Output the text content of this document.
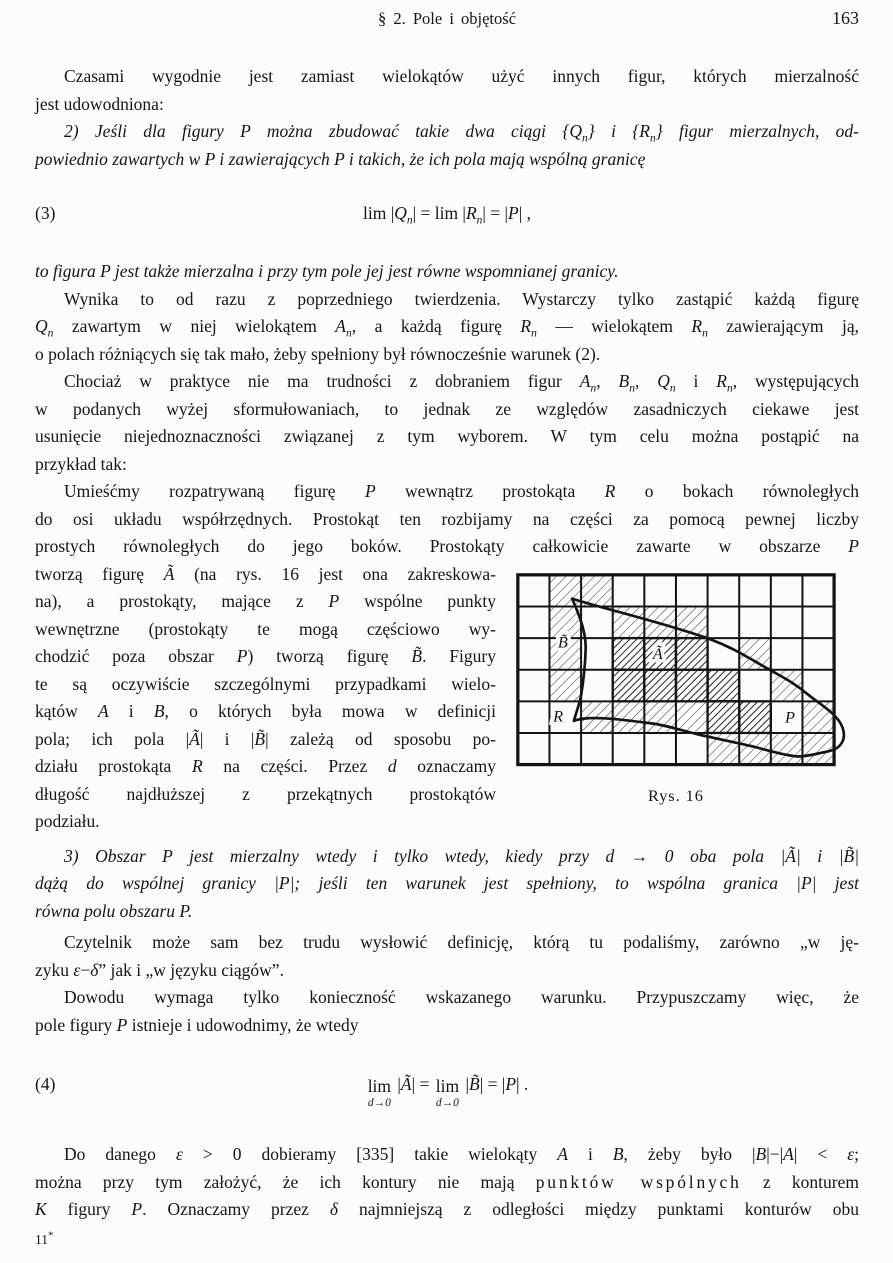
§ 2. Pole i objętość	163
Czasami wygodnie jest zamiast wielokątów użyć innych figur, których mierzalność
jest udowodniona:
2) Jeśli dla figury P można zbudować takie dwa ciągi $\{Q_n\}$ i $\{R_n\}$ figur mierzalnych, od-
powiednio zawartych w P i zawierających P i takich, że ich pola mają wspólną granicę
(3)	$\lim |Q_n| = \lim |R_n| = |P|$ ,
to figura P jest także mierzalna i przy tym pole jej jest równe wspomnianej granicy.
Wynika to od razu z poprzedniego twierdzenia. Wystarczy tylko zastąpić każdą figurę
$Q_n$ zawartym w niej wielokątem $A_n$, a każdą figurę $R_n$ — wielokątem $R_n$ zawierającym ją,
o polach różniących się tak mało, żeby spełniony był równocześnie warunek (2).
Chociaż w praktyce nie ma trudności z dobraniem figur $A_n$, $B_n$, $Q_n$ i $R_n$, występujących
w podanych wyżej sformułowaniach, to jednak ze względów zasadniczych ciekawe jest
usunięcie niejednoznaczności związanej z tym wyborem. W tym celu można postąpić na
przykład tak:
Umieśćmy rozpatrywaną figurę P wewnątrz prostokąta R o bokach równoległych
do osi układu współrzędnych. Prostokąt ten rozbijamy na części za pomocą pewnej liczby
prostych równoległych do jego boków. Prostokąty całkowicie zawarte w obszarze P
B̃
Ã
R	P
Rys. 16
tworzą figurę Ã (na rys. 16 jest ona zakreskowa-
na), a prostokąty, mające z P wspólne punkty
wewnętrzne (prostokąty te mogą częściowo wy-
chodzić poza obszar P) tworzą figurę B̃. Figury
te są oczywiście szczególnymi przypadkami wielo-
kątów A i B, o których była mowa w definicji
pola; ich pola |Ã| i |B̃| zależą od sposobu po-
działu prostokąta R na części. Przez d oznaczamy
długość najdłuższej z przekątnych prostokątów
podziału.
3) Obszar P jest mierzalny wtedy i tylko wtedy, kiedy przy d → 0 oba pola |Ã| i |B̃|
dążą do wspólnej granicy |P|; jeśli ten warunek jest spełniony, to wspólna granica |P| jest
równa polu obszaru P.
Czytelnik może sam bez trudu wysłowić definicję, którą tu podaliśmy, zarówno „w ję-
zyku ε−δ” jak i „w języku ciągów”.
Dowodu wymaga tylko konieczność wskazanego warunku. Przypuszczamy więc, że
pole figury P istnieje i udowodnimy, że wtedy
(4)	lim
d→0
|Ã| = lim
d→0
|B̃| = |P| .
Do danego ε > 0 dobieramy [335] takie wielokąty A i B, żeby było |B|−|A| < ε;
można przy tym założyć, że ich kontury nie mają punktów wspólnych z konturem
K figury P. Oznaczamy przez δ najmniejszą z odległości między punktami konturów obu
11*
